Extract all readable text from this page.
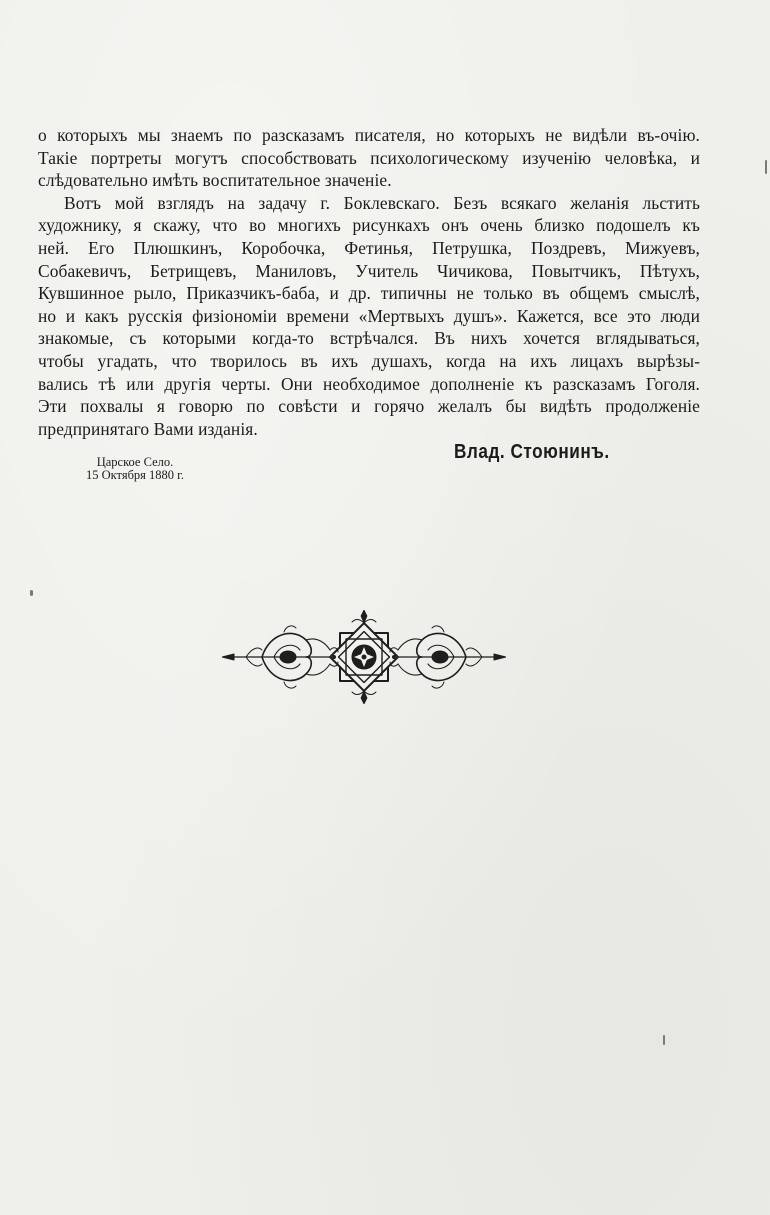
о которыхъ мы знаемъ по разсказамъ писателя, но которыхъ не видѣли въ-очію.
Такіе портреты могутъ способствовать психологическому изученію человѣка, и
слѣдовательно имѣть воспитательное значеніе.
Вотъ мой взглядъ на задачу г. Боклевскаго. Безъ всякаго желанія льстить
художнику, я скажу, что во многихъ рисункахъ онъ очень близко подошелъ къ
ней. Его Плюшкинъ, Коробочка, Фетинья, Петрушка, Поздревъ, Мижуевъ,
Собакевичъ, Бетрищевъ, Маниловъ, Учитель Чичикова, Повытчикъ, Пѣтухъ,
Кувшинное рыло, Приказчикъ-баба, и др. типичны не только въ общемъ смыслѣ,
но и какъ русскія физіономіи времени «Мертвыхъ душъ». Кажется, все это люди
знакомые, съ которыми когда-то встрѣчался. Въ нихъ хочется вглядываться,
чтобы угадать, что творилось въ ихъ душахъ, когда на ихъ лицахъ вырѣзы-
вались тѣ или другія черты. Они необходимое дополненіе къ разсказамъ Гоголя.
Эти похвалы я говорю по совѣсти и горячо желалъ бы видѣть продолженіе
предпринятаго Вами изданія.
Царское Село.
15 Октября 1880 г.
Влад. Стоюнинъ.
